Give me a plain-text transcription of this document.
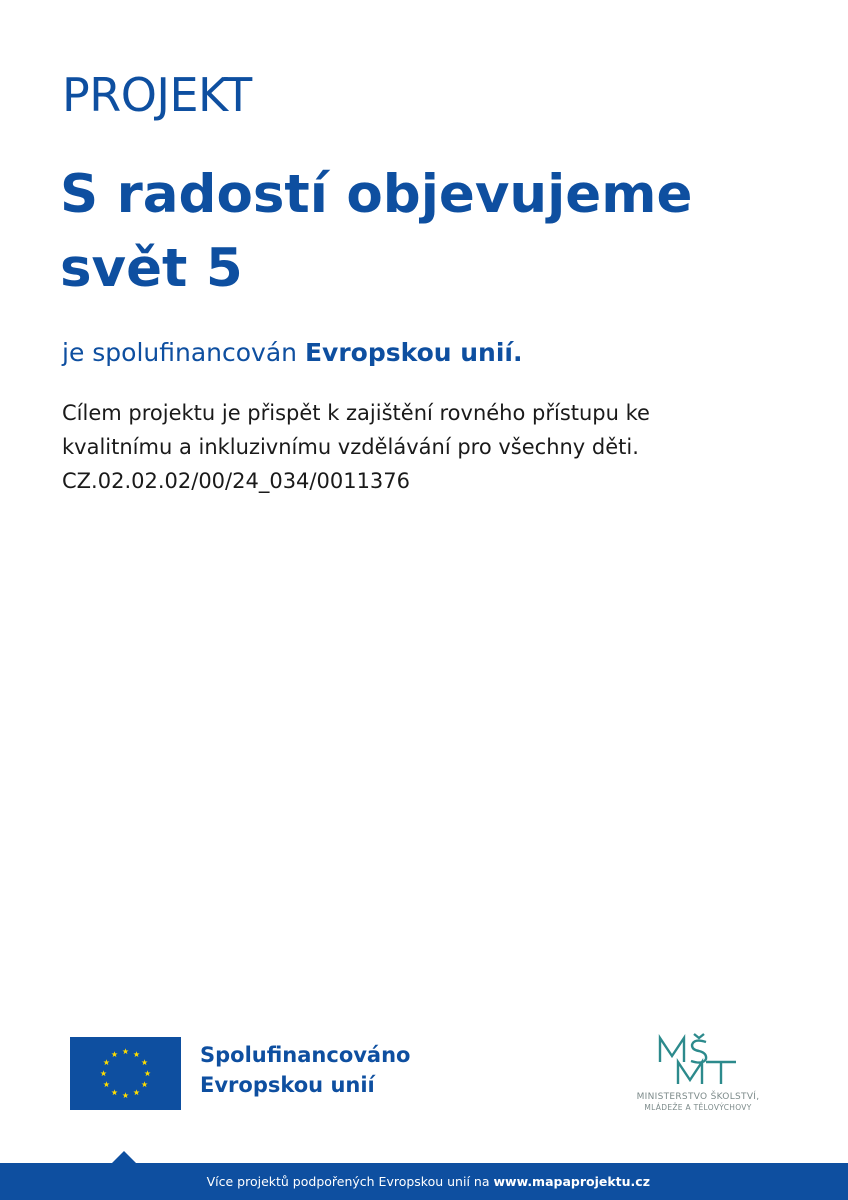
PROJEKT
S radostí objevujeme
svět 5
je spolufinancován Evropskou unií.
Cílem projektu je přispět k zajištění rovného přístupu ke
kvalitnímu a inkluzivnímu vzdělávání pro všechny děti.
CZ.02.02.02/00/24_034/0011376
Spolufinancováno
Evropskou unií	MINISTERSTVO ŠKOLSTVÍ,
MLÁDEŽE A TĚLOVÝCHOVY
Více projektů podpořených Evropskou unií na www.mapaprojektu.cz
